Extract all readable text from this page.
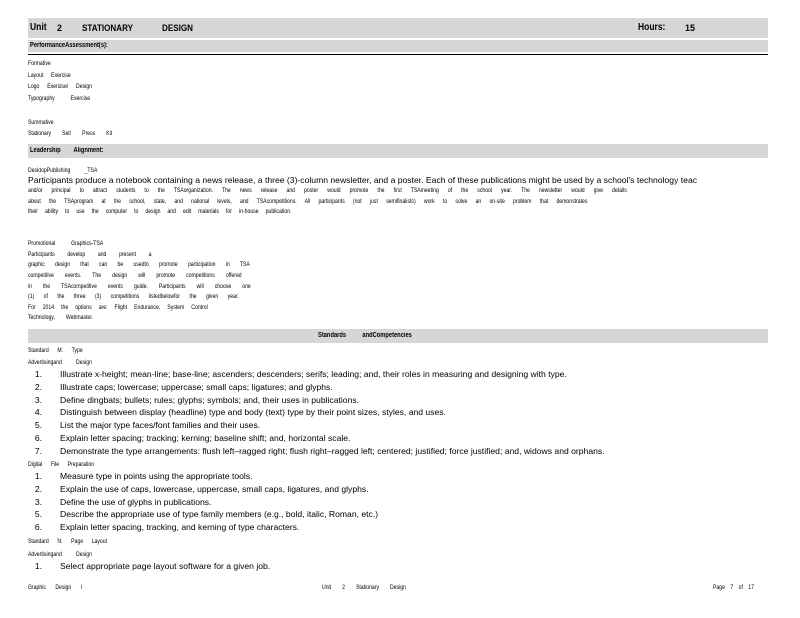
Unit 2 STATIONARY	DESIGN	Hours: 15
PerformanceAssessment(s):
Formative
Layout Exercise
Logo Exercise/ Design
Typography Exercise
Summative
Stationary Set/ Press Kit
Leadership Alignment:
DesktopPublishing _TSA
Participants produce a notebook containing a news release, a three (3)-column newsletter, and a poster. Each of these publications might be used by a school's technology teac
and/or principal to attract students to the TSAorganization. The news release and poster would promote the first TSAmeeting of the school year. The newsletter would give details
about the TSAprogram at the school, state, and national levels, and TSAcompetitions. All participants (not just semifinalists) work to solve an on-site problem that demonstrates
their ability to use the computer to design and edit materials for in-house publication.
Promotional Graphics-TSA
Participants develop and present a
graphic design that can be usedto promote participation in TSA
competitive events. The design will promote competitions offered
in the TSAcompetitive events guide. Participants will choose one
(1) of the three (3) competitions listedbelowfor the given year.
For 2014 the options are: Flight Endurance, System Control
Technology, Webmaster.
Standards andCompetencies
Standard M: Type
Advertisingand Design
1. Illustrate x-height; mean-line; base-line; ascenders; descenders; serifs; leading; and, their roles in measuring and designing with type.
2. Illustrate caps; lowercase; uppercase; small caps; ligatures; and glyphs.
3. Define dingbats; bullets; rules; glyphs; symbols; and, their uses in publications.
4. Distinguish between display (headline) type and body (text) type by their point sizes, styles, and uses.
5. List the major type faces/font families and their uses.
6. Explain letter spacing; tracking; kerning; baseline shift; and, horizontal scale.
7. Demonstrate the type arrangements: flush left–ragged right; flush right–ragged left; centered; justified; force justified; and, widows and orphans.
Digital File Preparation
1. Measure type in points using the appropriate tools.
2. Explain the use of caps, lowercase, uppercase, small caps, ligatures, and glyphs.
3. Define the use of glyphs in publications.
5. Describe the appropriate use of type family members (e.g., bold, italic, Roman, etc.)
6. Explain letter spacing, tracking, and kerning of type characters.
Standard N: Page Layout
Advertisingand Design
1. Select appropriate page layout software for a given job.
Graphic Design I	Unit 2 Stationary Design	Page 7 of 17
